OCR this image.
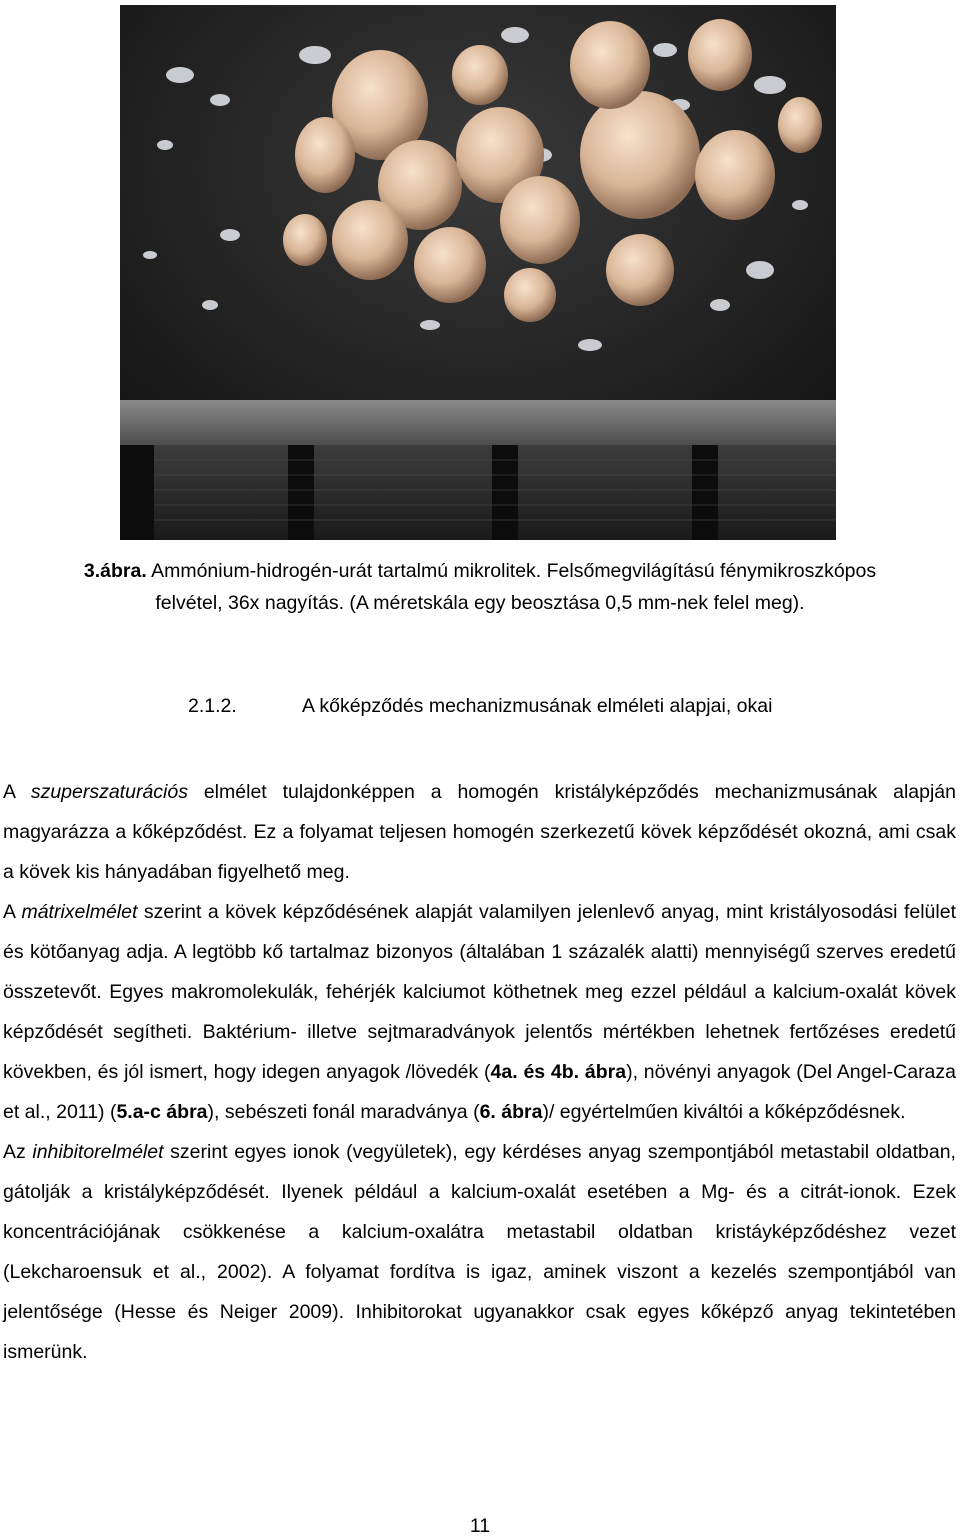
3.ábra. Ammónium-hidrogén-urát tartalmú mikrolitek. Felsőmegvilágítású fénymikroszkópos
felvétel, 36x nagyítás. (A méretskála egy beosztása 0,5 mm-nek felel meg).
2.1.2.	A kőképződés mechanizmusának elméleti alapjai, okai

A szuperszaturációs elmélet tulajdonképpen a homogén kristályképződés mechanizmusának alapján magyarázza a kőképződést. Ez a folyamat teljesen homogén szerkezetű kövek képződését okozná, ami csak a kövek kis hányadában figyelhető meg.

A mátrixelmélet szerint a kövek képződésének alapját valamilyen jelenlevő anyag, mint kristályosodási felület és kötőanyag adja. A legtöbb kő tartalmaz bizonyos (általában 1 százalék alatti) mennyiségű szerves eredetű összetevőt. Egyes makromolekulák, fehérjék kalciumot köthetnek meg ezzel például a kalcium-oxalát kövek képződését segítheti. Baktérium- illetve sejtmaradványok jelentős mértékben lehetnek fertőzéses eredetű kövekben, és jól ismert, hogy idegen anyagok /lövedék (4a. és 4b. ábra), növényi anyagok (Del Angel-Caraza et al., 2011) (5.a-c ábra), sebészeti fonál maradványa (6. ábra)/ egyértelműen kiváltói a kőképződésnek.

Az inhibitorelmélet szerint egyes ionok (vegyületek), egy kérdéses anyag szempontjából metastabil oldatban, gátolják a kristályképződését. Ilyenek például a kalcium-oxalát esetében a Mg- és a citrát-ionok. Ezek koncentrációjának csökkenése a kalcium-oxalátra metastabil oldatban kristáyképződéshez vezet (Lekcharoensuk et al., 2002). A folyamat fordítva is igaz, aminek viszont a kezelés szempontjából van jelentősége (Hesse és Neiger 2009). Inhibitorokat ugyanakkor csak egyes kőképző anyag tekintetében ismerünk.

11
